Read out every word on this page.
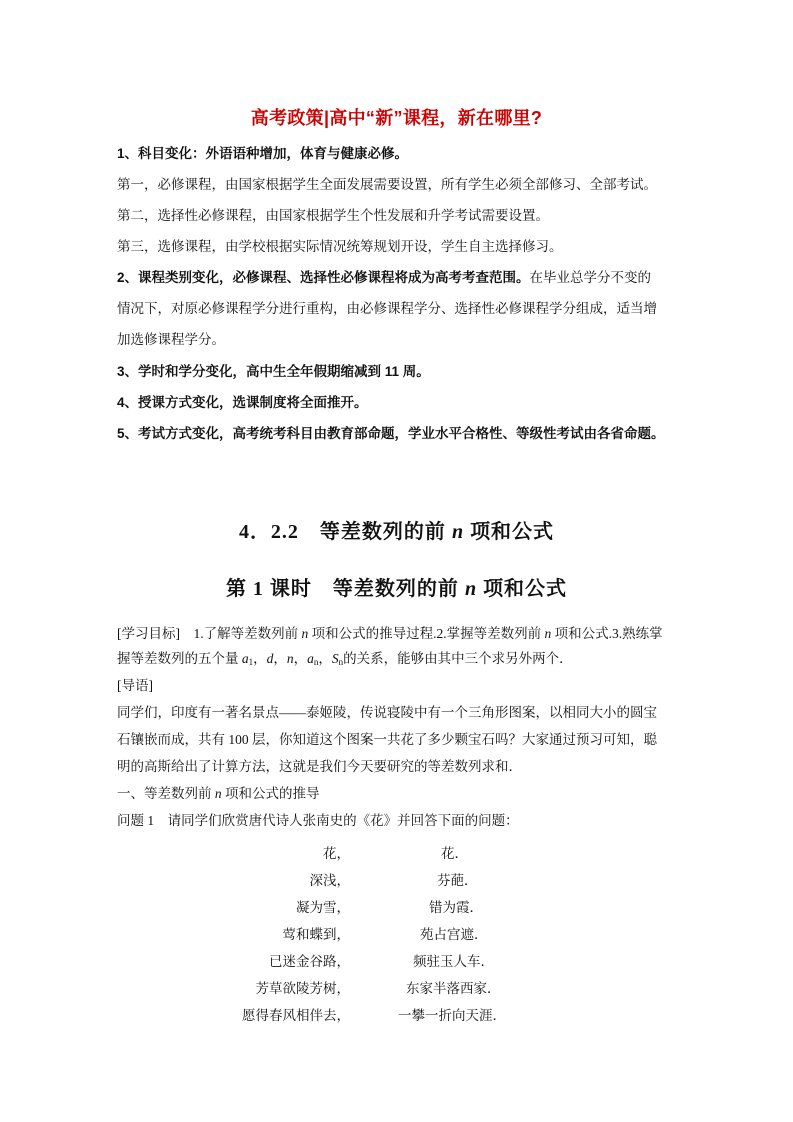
高考政策|高中“新”课程，新在哪里?
1、科目变化：外语语种增加，体育与健康必修。
第一，必修课程，由国家根据学生全面发展需要设置，所有学生必须全部修习、全部考试。
第二，选择性必修课程，由国家根据学生个性发展和升学考试需要设置。
第三，选修课程，由学校根据实际情况统筹规划开设，学生自主选择修习。
2、课程类别变化，必修课程、选择性必修课程将成为高考考查范围。在毕业总学分不变的
情况下，对原必修课程学分进行重构，由必修课程学分、选择性必修课程学分组成，适当增
加选修课程学分。
3、学时和学分变化，高中生全年假期缩减到 11 周。
4、授课方式变化，选课制度将全面推开。
5、考试方式变化，高考统考科目由教育部命题，学业水平合格性、等级性考试由各省命题。
4．2.2　等差数列的前 n 项和公式
第 1 课时　等差数列的前 n 项和公式
[学习目标]　1.了解等差数列前 n 项和公式的推导过程.2.掌握等差数列前 n 项和公式.3.熟练掌
握等差数列的五个量 $a_1$，d，n，$a_n$，$S_n$的关系，能够由其中三个求另外两个．
[导语]
同学们，印度有一著名景点——泰姬陵，传说寝陵中有一个三角形图案，以相同大小的圆宝
石镶嵌而成，共有 100 层，你知道这个图案一共花了多少颗宝石吗？大家通过预习可知，聪
明的高斯给出了计算方法，这就是我们今天要研究的等差数列求和．
一、等差数列前 n 项和公式的推导
问题 1　请同学们欣赏唐代诗人张南史的《花》并回答下面的问题：
花，	花．
深浅，	芬葩．
凝为雪，	错为霞．
莺和蝶到，	苑占宫遮．
已迷金谷路，	频驻玉人车．
芳草欲陵芳树，	东家半落西家．
愿得春风相伴去，	一攀一折向天涯．
